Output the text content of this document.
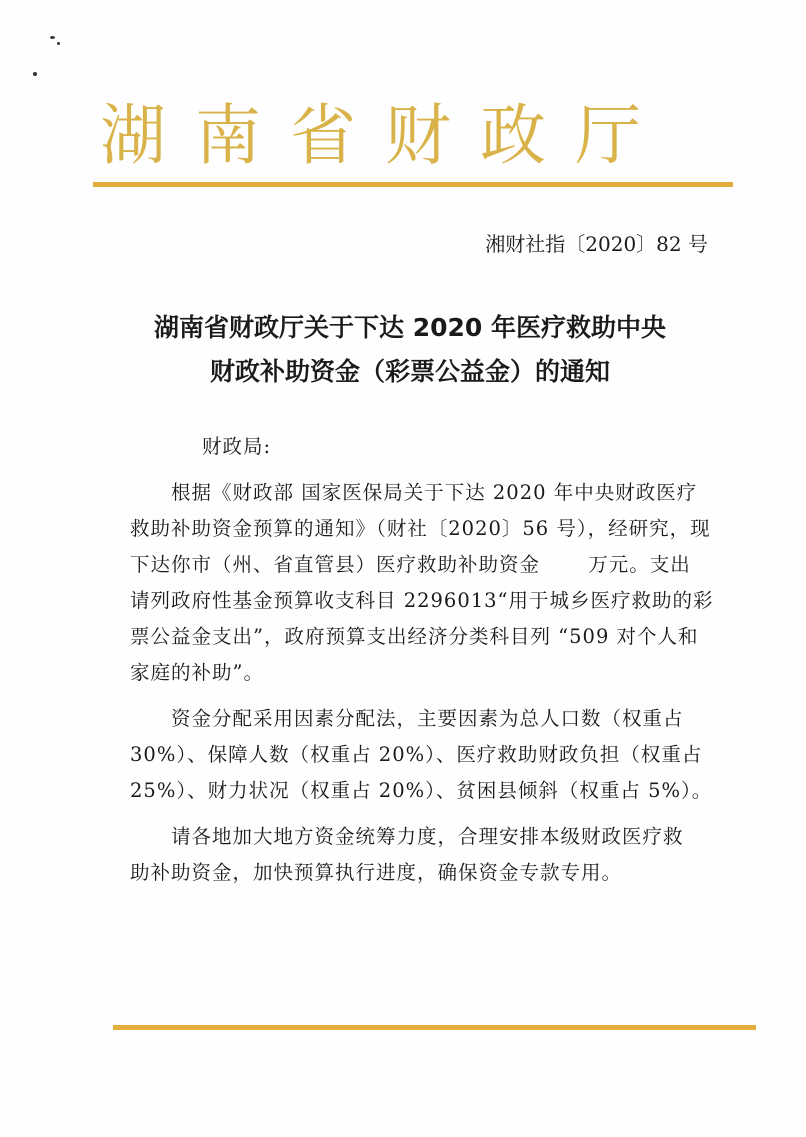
湖南省财政厅
湘财社指〔2020〕82 号
湖南省财政厅关于下达 2020 年医疗救助中央
财政补助资金（彩票公益金）的通知
财政局:
　　根据《财政部 国家医保局关于下达 2020 年中央财政医疗
救助补助资金预算的通知》（财社〔2020〕56 号），经研究，现
下达你市（州、省直管县）医疗救助补助资金　　 万元。支出
请列政府性基金预算收支科目 2296013“用于城乡医疗救助的彩
票公益金支出”，政府预算支出经济分类科目列 “509 对个人和
家庭的补助”。
　　资金分配采用因素分配法，主要因素为总人口数（权重占
30%）、保障人数（权重占 20%）、医疗救助财政负担（权重占
25%）、财力状况（权重占 20%）、贫困县倾斜（权重占 5%）。
　　请各地加大地方资金统筹力度，合理安排本级财政医疗救
助补助资金，加快预算执行进度，确保资金专款专用。
